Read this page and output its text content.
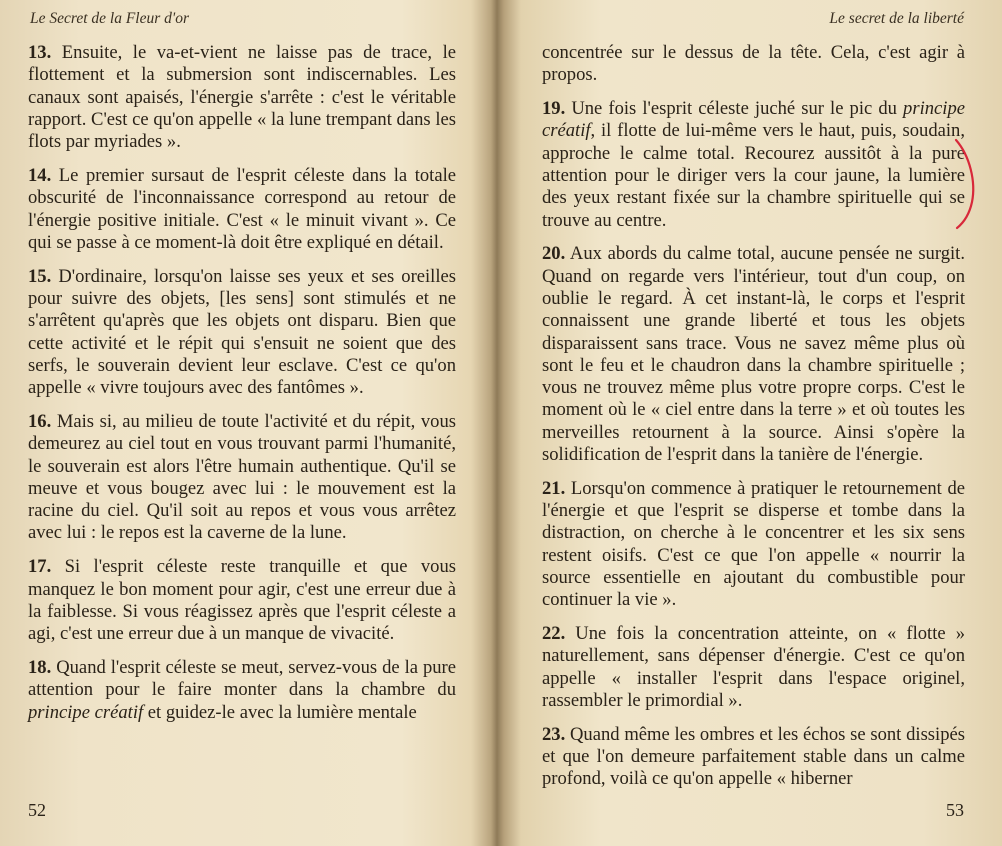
Le Secret de la Fleur d'or

13. Ensuite, le va-et-vient ne laisse pas de trace, le flottement et la submersion sont indiscernables. Les canaux sont apaisés, l'énergie s'arrête : c'est le véritable rapport. C'est ce qu'on appelle « la lune trempant dans les flots par myriades ».

14. Le premier sursaut de l'esprit céleste dans la totale obscurité de l'inconnaissance correspond au retour de l'énergie positive initiale. C'est « le minuit vivant ». Ce qui se passe à ce moment-là doit être expliqué en détail.

15. D'ordinaire, lorsqu'on laisse ses yeux et ses oreilles pour suivre des objets, [les sens] sont stimulés et ne s'arrêtent qu'après que les objets ont disparu. Bien que cette activité et le répit qui s'ensuit ne soient que des serfs, le souverain devient leur esclave. C'est ce qu'on appelle « vivre toujours avec des fantômes ».

16. Mais si, au milieu de toute l'activité et du répit, vous demeurez au ciel tout en vous trouvant parmi l'humanité, le souverain est alors l'être humain authentique. Qu'il se meuve et vous bougez avec lui : le mouvement est la racine du ciel. Qu'il soit au repos et vous vous arrêtez avec lui : le repos est la caverne de la lune.

17. Si l'esprit céleste reste tranquille et que vous manquez le bon moment pour agir, c'est une erreur due à la faiblesse. Si vous réagissez après que l'esprit céleste a agi, c'est une erreur due à un manque de vivacité.

18. Quand l'esprit céleste se meut, servez-vous de la pure attention pour le faire monter dans la chambre du principe créatif et guidez-le avec la lumière mentale

52
Le secret de la liberté

concentrée sur le dessus de la tête. Cela, c'est agir à propos.

19. Une fois l'esprit céleste juché sur le pic du principe créatif, il flotte de lui-même vers le haut, puis, soudain, approche le calme total. Recourez aussitôt à la pure attention pour le diriger vers la cour jaune, la lumière des yeux restant fixée sur la chambre spirituelle qui se trouve au centre.

20. Aux abords du calme total, aucune pensée ne surgit. Quand on regarde vers l'intérieur, tout d'un coup, on oublie le regard. À cet instant-là, le corps et l'esprit connaissent une grande liberté et tous les objets disparaissent sans trace. Vous ne savez même plus où sont le feu et le chaudron dans la chambre spirituelle ; vous ne trouvez même plus votre propre corps. C'est le moment où le « ciel entre dans la terre » et où toutes les merveilles retournent à la source. Ainsi s'opère la solidification de l'esprit dans la tanière de l'énergie.

21. Lorsqu'on commence à pratiquer le retournement de l'énergie et que l'esprit se disperse et tombe dans la distraction, on cherche à le concentrer et les six sens restent oisifs. C'est ce que l'on appelle « nourrir la source essentielle en ajoutant du combustible pour continuer la vie ».

22. Une fois la concentration atteinte, on « flotte » naturellement, sans dépenser d'énergie. C'est ce qu'on appelle « installer l'esprit dans l'espace originel, rassembler le primordial ».

23. Quand même les ombres et les échos se sont dissipés et que l'on demeure parfaitement stable dans un calme profond, voilà ce qu'on appelle « hiberner

53
